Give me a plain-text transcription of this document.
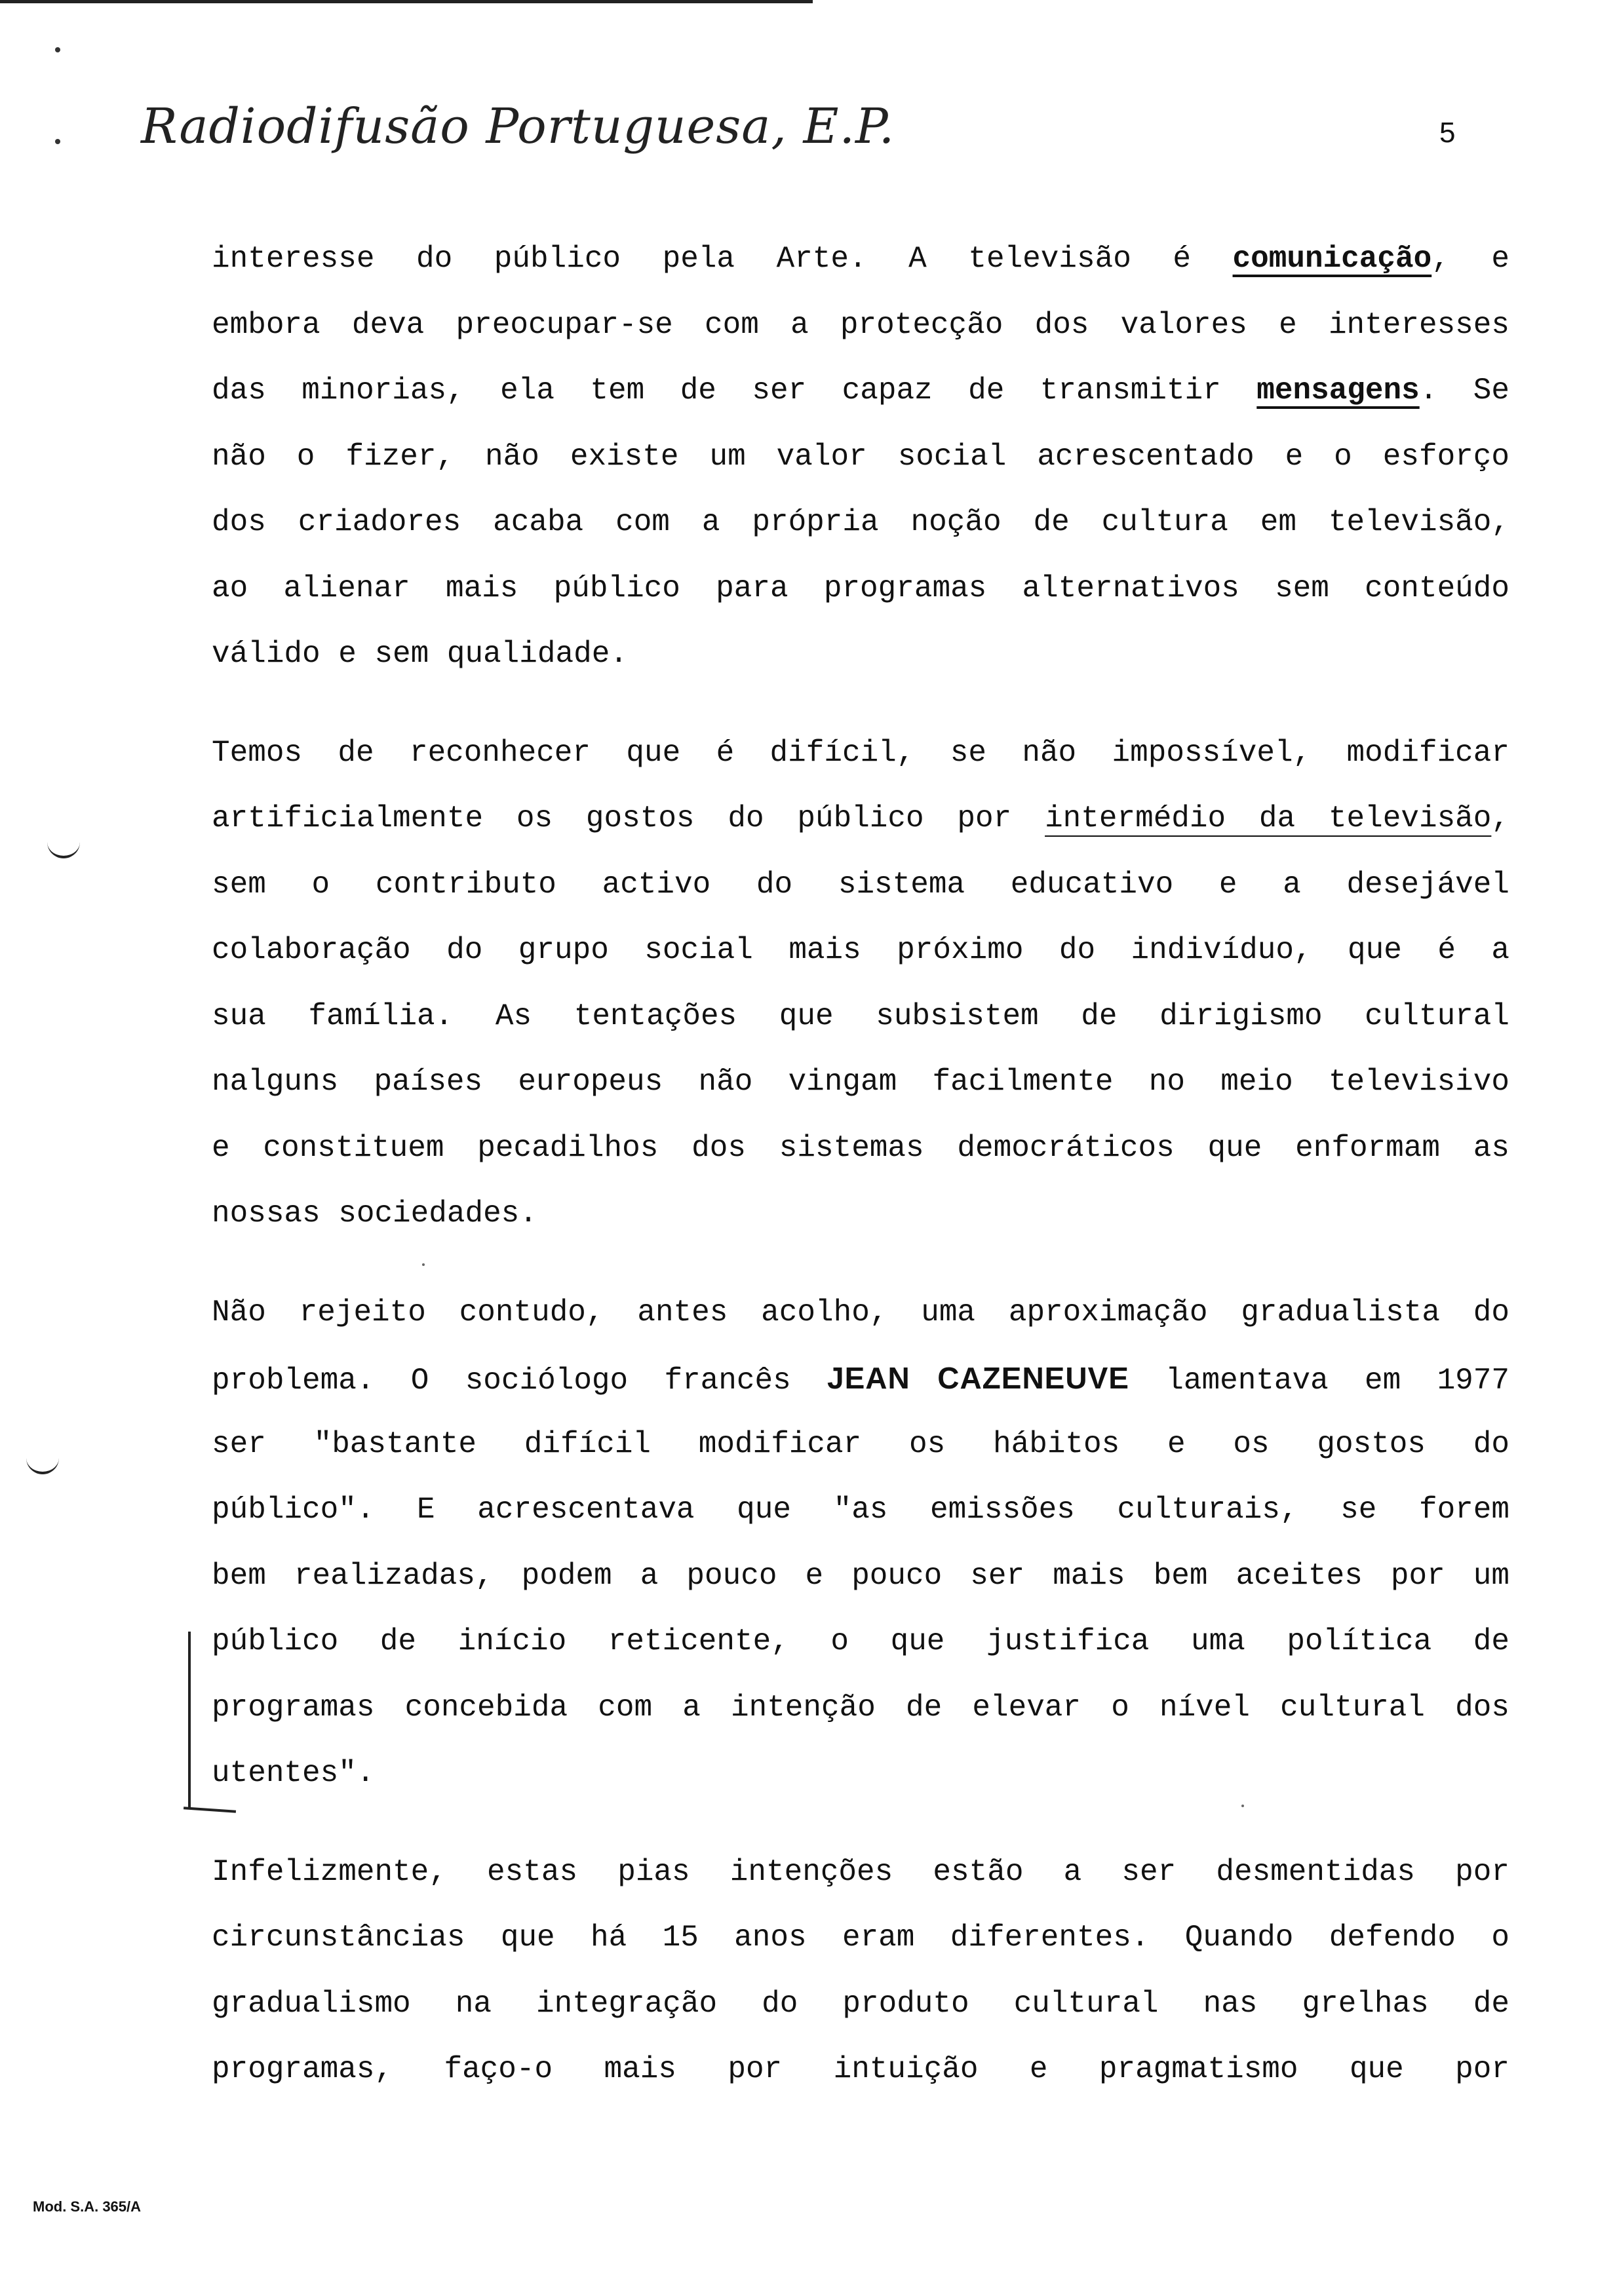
Radiodifusão Portuguesa, E.P.	5
interesse do público pela Arte. A televisão é comunicação, e
embora deva preocupar-se com a protecção dos valores e interesses
das minorias, ela tem de ser capaz de transmitir mensagens. Se
não o fizer, não existe um valor social acrescentado e o esforço
dos criadores acaba com a própria noção de cultura em televisão,
ao alienar mais público para programas alternativos sem conteúdo
válido e sem qualidade.
Temos de reconhecer que é difícil, se não impossível, modificar
artificialmente os gostos do público por intermédio da televisão,
sem o contributo activo do sistema educativo e a desejável
colaboração do grupo social mais próximo do indivíduo, que é a
sua família. As tentações que subsistem de dirigismo cultural
nalguns países europeus não vingam facilmente no meio televisivo
e constituem pecadilhos dos sistemas democráticos que enformam as
nossas sociedades.
Não rejeito contudo, antes acolho, uma aproximação gradualista do
problema. O sociólogo francês JEAN CAZENEUVE lamentava em 1977
ser "bastante difícil modificar os hábitos e os gostos do
público". E acrescentava que "as emissões culturais, se forem
bem realizadas, podem a pouco e pouco ser mais bem aceites por um
público de início reticente, o que justifica uma política de
programas concebida com a intenção de elevar o nível cultural dos
utentes".
Infelizmente, estas pias intenções estão a ser desmentidas por
circunstâncias que há 15 anos eram diferentes. Quando defendo o
gradualismo na integração do produto cultural nas grelhas de
programas, faço-o mais por intuição e pragmatismo que por
Mod. S.A. 365/A
